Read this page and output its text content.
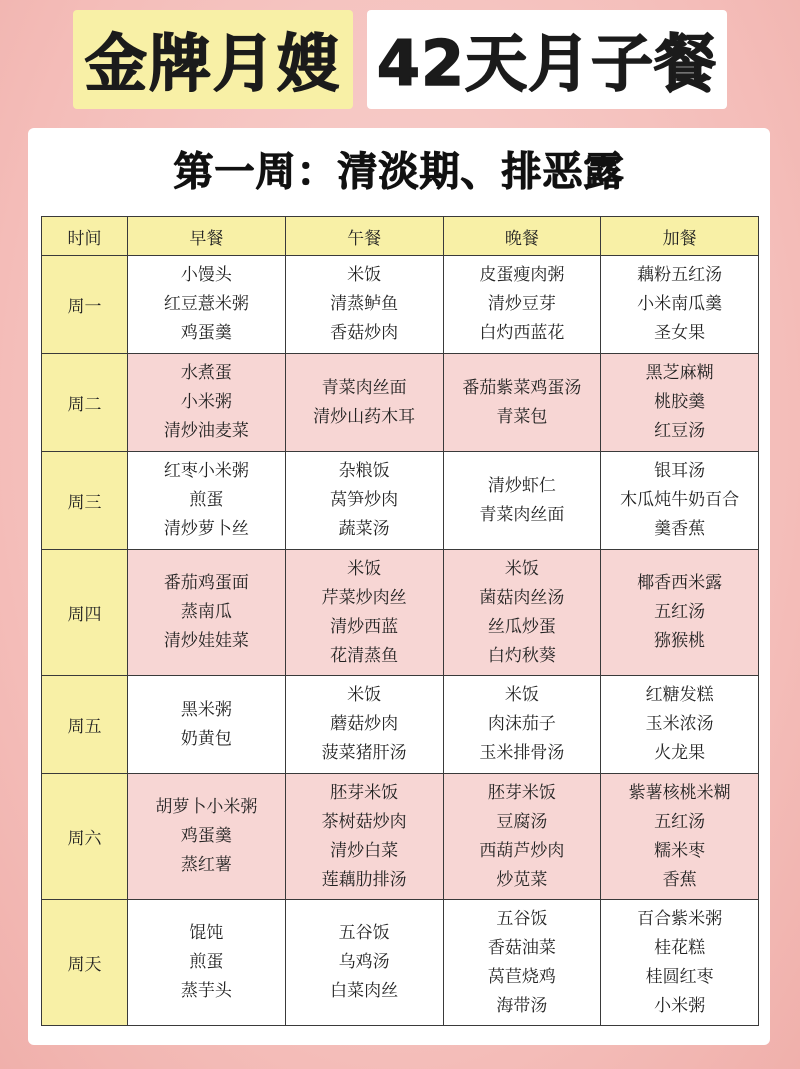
金牌月嫂 42天月子餐
第一周：清淡期、排恶露
时间	早餐	午餐	晚餐	加餐
周一	小馒头
红豆薏米粥
鸡蛋羹	米饭
清蒸鲈鱼
香菇炒肉	皮蛋瘦肉粥
清炒豆芽
白灼西蓝花	藕粉五红汤
小米南瓜羹
圣女果

周二	水煮蛋
小米粥
清炒油麦菜	青菜肉丝面
清炒山药木耳	番茄紫菜鸡蛋汤
青菜包	黑芝麻糊
桃胶羹
红豆汤

周三	红枣小米粥
煎蛋
清炒萝卜丝	杂粮饭
莴笋炒肉
蔬菜汤	清炒虾仁
青菜肉丝面	银耳汤
木瓜炖牛奶百合
羹香蕉

周四	番茄鸡蛋面
蒸南瓜
清炒娃娃菜	米饭
芹菜炒肉丝
清炒西蓝
花清蒸鱼	米饭
菌菇肉丝汤
丝瓜炒蛋
白灼秋葵	椰香西米露
五红汤
猕猴桃

周五	黑米粥
奶黄包	米饭
蘑菇炒肉
菠菜猪肝汤	米饭
肉沫茄子
玉米排骨汤	红糖发糕
玉米浓汤
火龙果

周六	胡萝卜小米粥
鸡蛋羹
蒸红薯	胚芽米饭
茶树菇炒肉
清炒白菜
莲藕肋排汤	胚芽米饭
豆腐汤
西葫芦炒肉
炒苋菜	紫薯核桃米糊
五红汤
糯米枣
香蕉

周天	馄饨
煎蛋
蒸芋头	五谷饭
乌鸡汤
白菜肉丝	五谷饭
香菇油菜
莴苣烧鸡
海带汤	百合紫米粥
桂花糕
桂圆红枣
小米粥
